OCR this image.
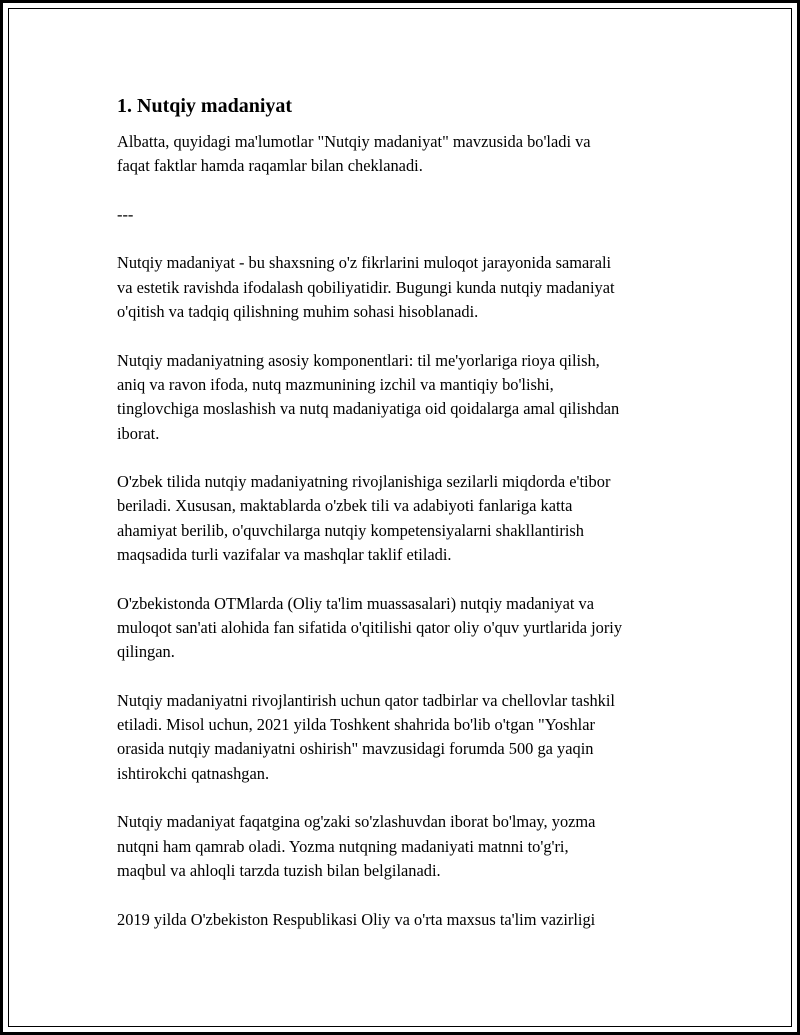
1. Nutqiy madaniyat

Albatta, quyidagi ma'lumotlar "Nutqiy madaniyat" mavzusida bo'ladi va
faqat faktlar hamda raqamlar bilan cheklanadi.

---

Nutqiy madaniyat - bu shaxsning o'z fikrlarini muloqot jarayonida samarali
va estetik ravishda ifodalash qobiliyatidir. Bugungi kunda nutqiy madaniyat
o'qitish va tadqiq qilishning muhim sohasi hisoblanadi.

Nutqiy madaniyatning asosiy komponentlari: til me'yorlariga rioya qilish,
aniq va ravon ifoda, nutq mazmunining izchil va mantiqiy bo'lishi,
tinglovchiga moslashish va nutq madaniyatiga oid qoidalarga amal qilishdan
iborat.

O'zbek tilida nutqiy madaniyatning rivojlanishiga sezilarli miqdorda e'tibor
beriladi. Xususan, maktablarda o'zbek tili va adabiyoti fanlariga katta
ahamiyat berilib, o'quvchilarga nutqiy kompetensiyalarni shakllantirish
maqsadida turli vazifalar va mashqlar taklif etiladi.

O'zbekistonda OTMlarda (Oliy ta'lim muassasalari) nutqiy madaniyat va
muloqot san'ati alohida fan sifatida o'qitilishi qator oliy o'quv yurtlarida joriy
qilingan.

Nutqiy madaniyatni rivojlantirish uchun qator tadbirlar va chellovlar tashkil
etiladi. Misol uchun, 2021 yilda Toshkent shahrida bo'lib o'tgan "Yoshlar
orasida nutqiy madaniyatni oshirish" mavzusidagi forumda 500 ga yaqin
ishtirokchi qatnashgan.

Nutqiy madaniyat faqatgina og'zaki so'zlashuvdan iborat bo'lmay, yozma
nutqni ham qamrab oladi. Yozma nutqning madaniyati matnni to'g'ri,
maqbul va ahloqli tarzda tuzish bilan belgilanadi.

2019 yilda O'zbekiston Respublikasi Oliy va o'rta maxsus ta'lim vazirligi
